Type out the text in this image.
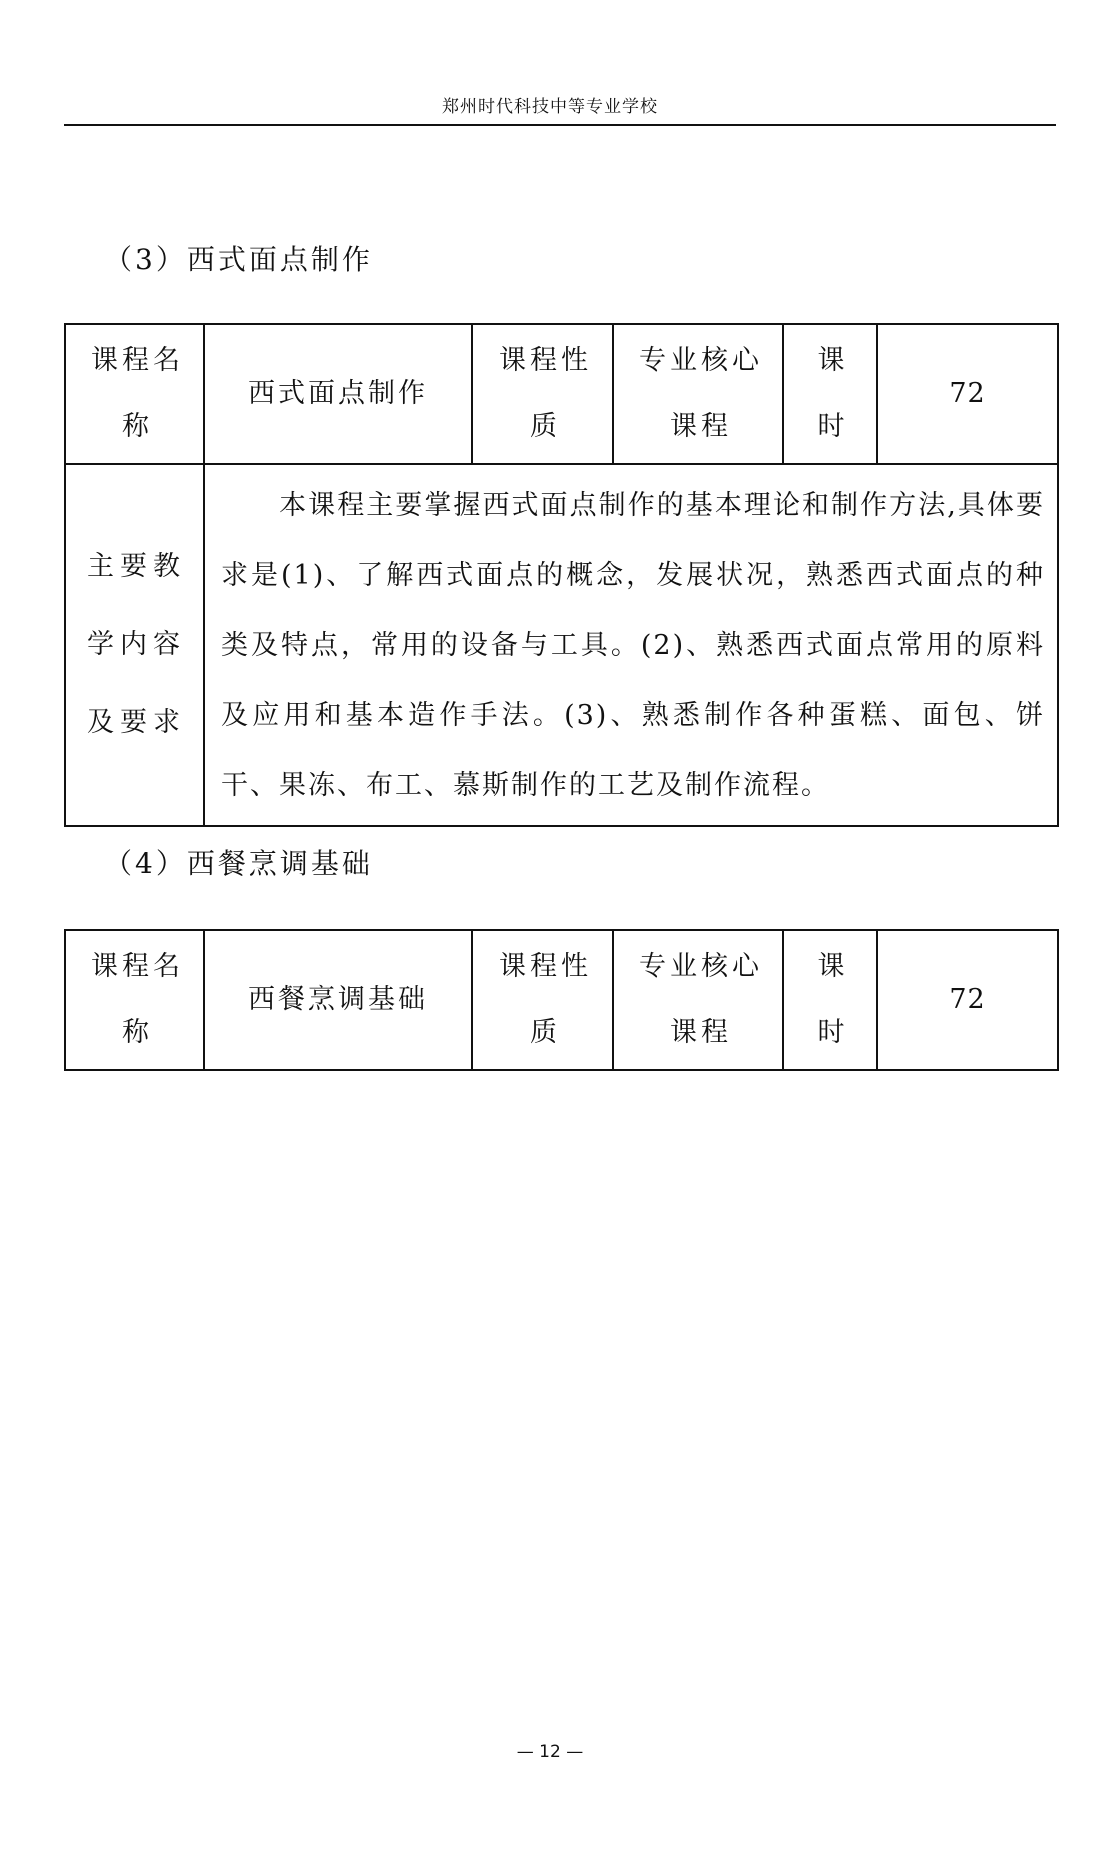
郑州时代科技中等专业学校
（3）西式面点制作
课程名称	西式面点制作	课程性质	专业核心课程	课时	72
主要教学内容及要求	　　本课程主要掌握西式面点制作的基本理论和制作方法,具体要求是(1)、了解西式面点的概念，发展状况，熟悉西式面点的种类及特点，常用的设备与工具。(2)、熟悉西式面点常用的原料及应用和基本造作手法。(3)、熟悉制作各种蛋糕、面包、饼干、果冻、布工、慕斯制作的工艺及制作流程。				
（4）西餐烹调基础
课程名称	西餐烹调基础	课程性质	专业核心课程	课时	72
— 12 —
